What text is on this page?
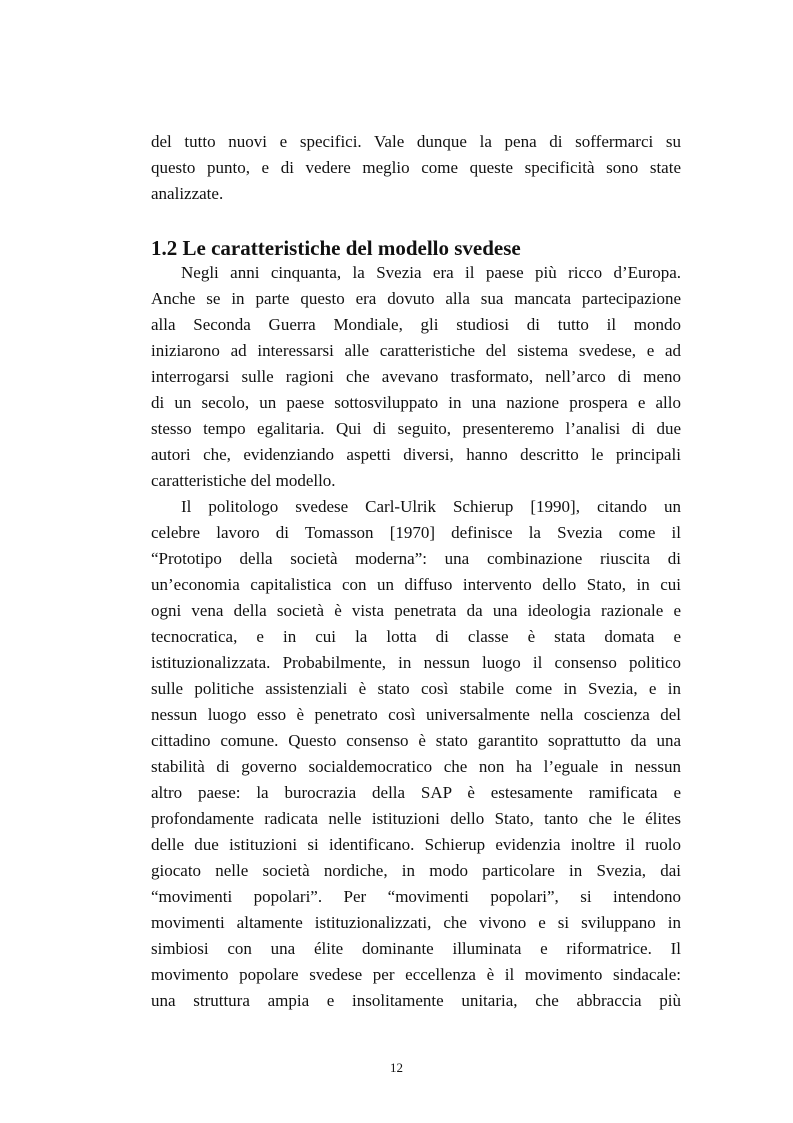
del tutto nuovi e specifici. Vale dunque la pena di soffermarci su
questo punto, e di vedere meglio come queste specificità sono state
analizzate.
1.2 Le caratteristiche del modello svedese
Negli anni cinquanta, la Svezia era il paese più ricco d’Europa.
Anche se in parte questo era dovuto alla sua mancata partecipazione
alla Seconda Guerra Mondiale, gli studiosi di tutto il mondo
iniziarono ad interessarsi alle caratteristiche del sistema svedese, e ad
interrogarsi sulle ragioni che avevano trasformato, nell’arco di meno
di un secolo, un paese sottosviluppato in una nazione prospera e allo
stesso tempo egalitaria. Qui di seguito, presenteremo l’analisi di due
autori che, evidenziando aspetti diversi, hanno descritto le principali
caratteristiche del modello.
Il politologo svedese Carl-Ulrik Schierup [1990], citando un
celebre lavoro di Tomasson [1970] definisce la Svezia come il
“Prototipo della società moderna”: una combinazione riuscita di
un’economia capitalistica con un diffuso intervento dello Stato, in cui
ogni vena della società è vista penetrata da una ideologia razionale e
tecnocratica, e in cui la lotta di classe è stata domata e
istituzionalizzata. Probabilmente, in nessun luogo il consenso politico
sulle politiche assistenziali è stato così stabile come in Svezia, e in
nessun luogo esso è penetrato così universalmente nella coscienza del
cittadino comune. Questo consenso è stato garantito soprattutto da una
stabilità di governo socialdemocratico che non ha l’eguale in nessun
altro paese: la burocrazia della SAP è estesamente ramificata e
profondamente radicata nelle istituzioni dello Stato, tanto che le élites
delle due istituzioni si identificano. Schierup evidenzia inoltre il ruolo
giocato nelle società nordiche, in modo particolare in Svezia, dai
“movimenti popolari”. Per “movimenti popolari”, si intendono
movimenti altamente istituzionalizzati, che vivono e si sviluppano in
simbiosi con una élite dominante illuminata e riformatrice. Il
movimento popolare svedese per eccellenza è il movimento sindacale:
una struttura ampia e insolitamente unitaria, che abbraccia più
12
